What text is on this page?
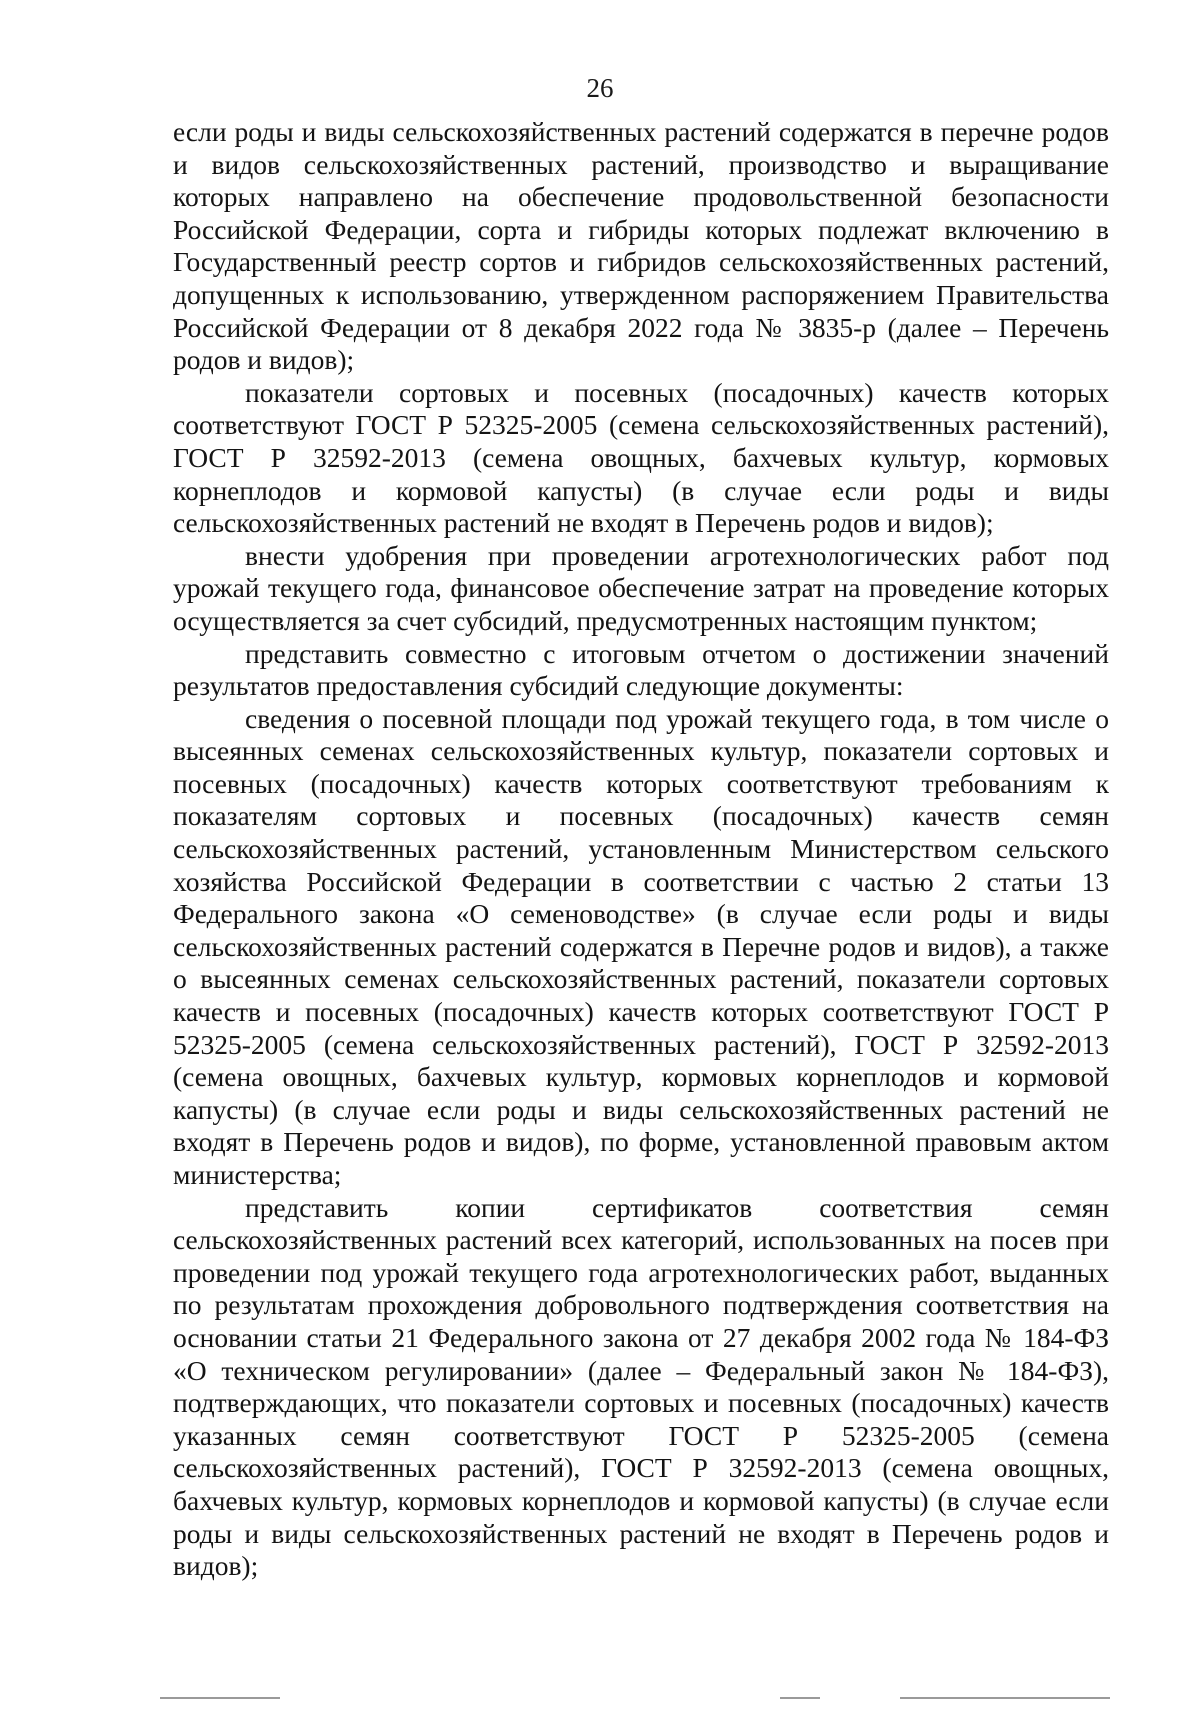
26

если роды и виды сельскохозяйственных растений содержатся в перечне родов и видов сельскохозяйственных растений, производство и выращивание которых направлено на обеспечение продовольственной безопасности Российской Федерации, сорта и гибриды которых подлежат включению в Государственный реестр сортов и гибридов сельскохозяйственных растений, допущенных к использованию, утвержденном распоряжением Правительства Российской Федерации от 8 декабря 2022 года № 3835-р (далее – Перечень родов и видов);

показатели сортовых и посевных (посадочных) качеств которых соответствуют ГОСТ Р 52325-2005 (семена сельскохозяйственных растений), ГОСТ Р 32592-2013 (семена овощных, бахчевых культур, кормовых корнеплодов и кормовой капусты) (в случае если роды и виды сельскохозяйственных растений не входят в Перечень родов и видов);

внести удобрения при проведении агротехнологических работ под урожай текущего года, финансовое обеспечение затрат на проведение которых осуществляется за счет субсидий, предусмотренных настоящим пунктом;

представить совместно с итоговым отчетом о достижении значений результатов предоставления субсидий следующие документы:

сведения о посевной площади под урожай текущего года, в том числе о высеянных семенах сельскохозяйственных культур, показатели сортовых и посевных (посадочных) качеств которых соответствуют требованиям к показателям сортовых и посевных (посадочных) качеств семян сельскохозяйственных растений, установленным Министерством сельского хозяйства Российской Федерации в соответствии с частью 2 статьи 13 Федерального закона «О семеноводстве» (в случае если роды и виды сельскохозяйственных растений содержатся в Перечне родов и видов), а также о высеянных семенах сельскохозяйственных растений, показатели сортовых качеств и посевных (посадочных) качеств которых соответствуют ГОСТ Р 52325-2005 (семена сельскохозяйственных растений), ГОСТ Р 32592-2013 (семена овощных, бахчевых культур, кормовых корнеплодов и кормовой капусты) (в случае если роды и виды сельскохозяйственных растений не входят в Перечень родов и видов), по форме, установленной правовым актом министерства;

представить копии сертификатов соответствия семян сельскохозяйственных растений всех категорий, использованных на посев при проведении под урожай текущего года агротехнологических работ, выданных по результатам прохождения добровольного подтверждения соответствия на основании статьи 21 Федерального закона от 27 декабря 2002 года № 184-ФЗ «О техническом регулировании» (далее – Федеральный закон № 184-ФЗ), подтверждающих, что показатели сортовых и посевных (посадочных) качеств указанных семян соответствуют ГОСТ Р 52325-2005 (семена сельскохозяйственных растений), ГОСТ Р 32592-2013 (семена овощных, бахчевых культур, кормовых корнеплодов и кормовой капусты) (в случае если роды и виды сельскохозяйственных растений не входят в Перечень родов и видов);
